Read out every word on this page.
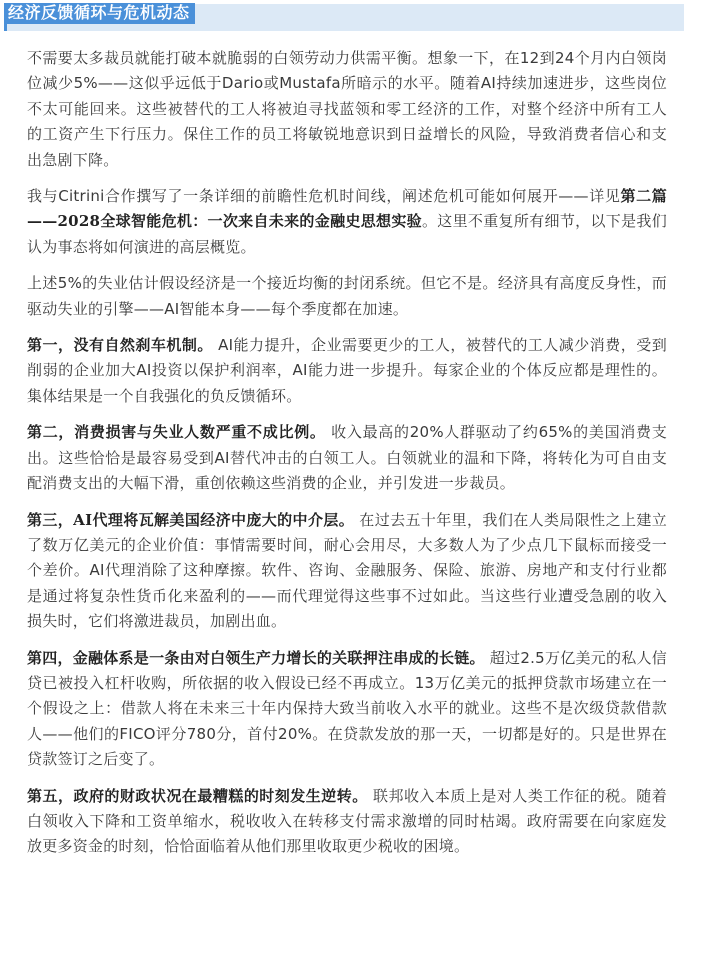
经济反馈循环与危机动态

不需要太多裁员就能打破本就脆弱的白领劳动力供需平衡。想象一下，在12到24个月内白领岗位减少5%——这似乎远低于Dario或Mustafa所暗示的水平。随着AI持续加速进步，这些岗位不太可能回来。这些被替代的工人将被迫寻找蓝领和零工经济的工作，对整个经济中所有工人的工资产生下行压力。保住工作的员工将敏锐地意识到日益增长的风险，导致消费者信心和支出急剧下降。

我与Citrini合作撰写了一条详细的前瞻性危机时间线，阐述危机可能如何展开——详见第二篇——2028全球智能危机：一次来自未来的金融史思想实验。这里不重复所有细节，以下是我们认为事态将如何演进的高层概览。

上述5%的失业估计假设经济是一个接近均衡的封闭系统。但它不是。经济具有高度反身性，而驱动失业的引擎——AI智能本身——每个季度都在加速。

第一，没有自然刹车机制。 AI能力提升，企业需要更少的工人，被替代的工人减少消费，受到削弱的企业加大AI投资以保护利润率，AI能力进一步提升。每家企业的个体反应都是理性的。集体结果是一个自我强化的负反馈循环。

第二，消费损害与失业人数严重不成比例。 收入最高的20%人群驱动了约65%的美国消费支出。这些恰恰是最容易受到AI替代冲击的白领工人。白领就业的温和下降，将转化为可自由支配消费支出的大幅下滑，重创依赖这些消费的企业，并引发进一步裁员。

第三，AI代理将瓦解美国经济中庞大的中介层。 在过去五十年里，我们在人类局限性之上建立了数万亿美元的企业价值：事情需要时间，耐心会用尽，大多数人为了少点几下鼠标而接受一个差价。AI代理消除了这种摩擦。软件、咨询、金融服务、保险、旅游、房地产和支付行业都是通过将复杂性货币化来盈利的——而代理觉得这些事不过如此。当这些行业遭受急剧的收入损失时，它们将激进裁员，加剧出血。

第四，金融体系是一条由对白领生产力增长的关联押注串成的长链。 超过2.5万亿美元的私人信贷已被投入杠杆收购，所依据的收入假设已经不再成立。13万亿美元的抵押贷款市场建立在一个假设之上：借款人将在未来三十年内保持大致当前收入水平的就业。这些不是次级贷款借款人——他们的FICO评分780分，首付20%。在贷款发放的那一天，一切都是好的。只是世界在贷款签订之后变了。

第五，政府的财政状况在最糟糕的时刻发生逆转。 联邦收入本质上是对人类工作征的税。随着白领收入下降和工资单缩水，税收收入在转移支付需求激增的同时枯竭。政府需要在向家庭发放更多资金的时刻，恰恰面临着从他们那里收取更少税收的困境。
